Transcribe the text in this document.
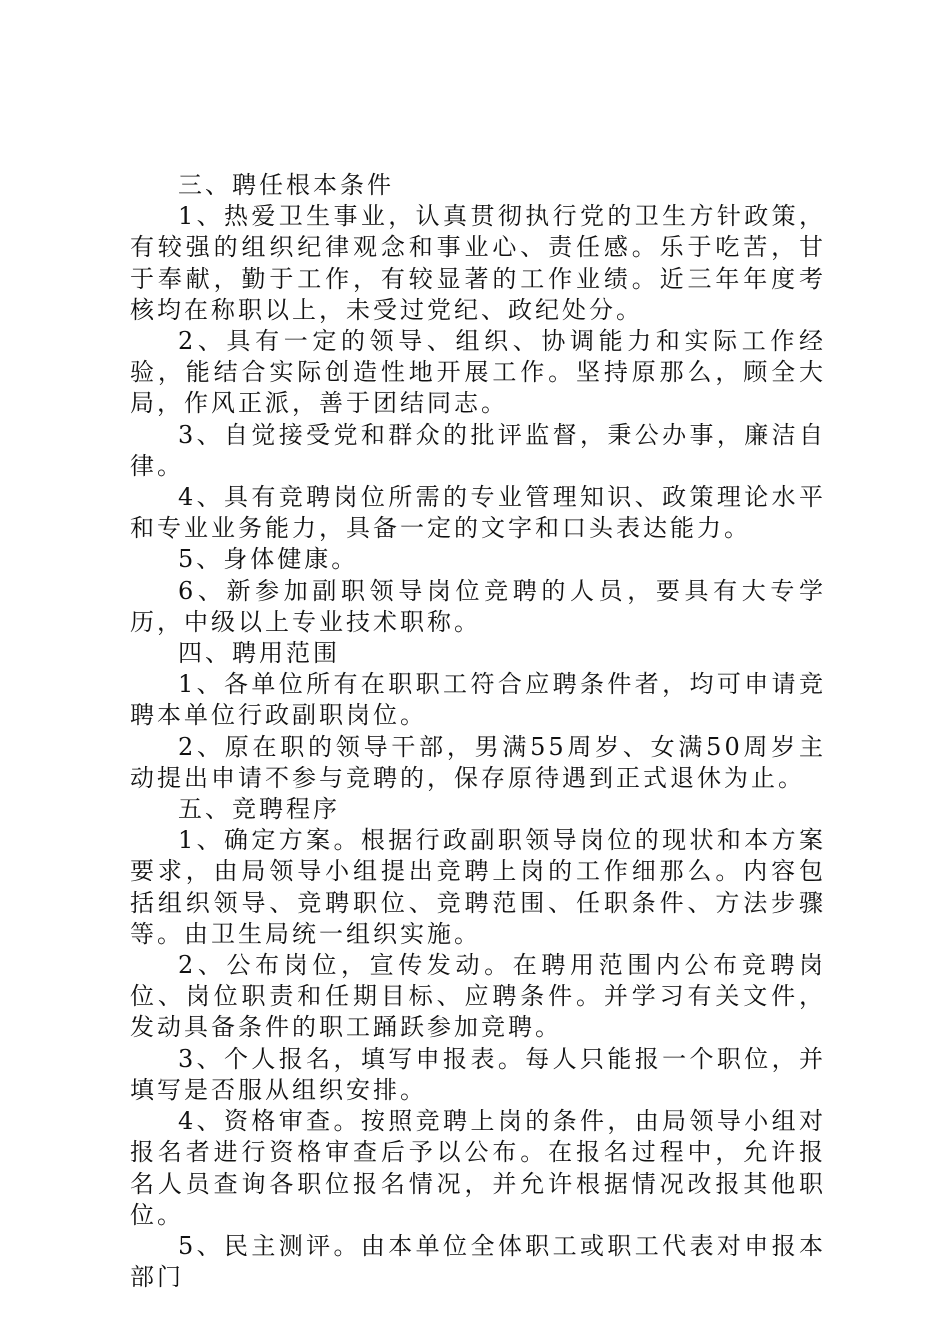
三、聘任根本条件

1、热爱卫生事业，认真贯彻执行党的卫生方针政策，有较强的组织纪律观念和事业心、责任感。乐于吃苦，甘于奉献，勤于工作，有较显著的工作业绩。近三年年度考核均在称职以上，未受过党纪、政纪处分。

2、具有一定的领导、组织、协调能力和实际工作经验，能结合实际创造性地开展工作。坚持原那么，顾全大局，作风正派，善于团结同志。

3、自觉接受党和群众的批评监督，秉公办事，廉洁自律。

4、具有竞聘岗位所需的专业管理知识、政策理论水平和专业业务能力，具备一定的文字和口头表达能力。

5、身体健康。

6、新参加副职领导岗位竞聘的人员，要具有大专学历，中级以上专业技术职称。

四、聘用范围

1、各单位所有在职职工符合应聘条件者，均可申请竞聘本单位行政副职岗位。

2、原在职的领导干部，男满55周岁、女满50周岁主动提出申请不参与竞聘的，保存原待遇到正式退休为止。

五、竞聘程序

1、确定方案。根据行政副职领导岗位的现状和本方案要求，由局领导小组提出竞聘上岗的工作细那么。内容包括组织领导、竞聘职位、竞聘范围、任职条件、方法步骤等。由卫生局统一组织实施。

2、公布岗位，宣传发动。在聘用范围内公布竞聘岗位、岗位职责和任期目标、应聘条件。并学习有关文件，发动具备条件的职工踊跃参加竞聘。

3、个人报名，填写申报表。每人只能报一个职位，并填写是否服从组织安排。

4、资格审查。按照竞聘上岗的条件，由局领导小组对报名者进行资格审查后予以公布。在报名过程中，允许报名人员查询各职位报名情况，并允许根据情况改报其他职位。

5、民主测评。由本单位全体职工或职工代表对申报本部门
